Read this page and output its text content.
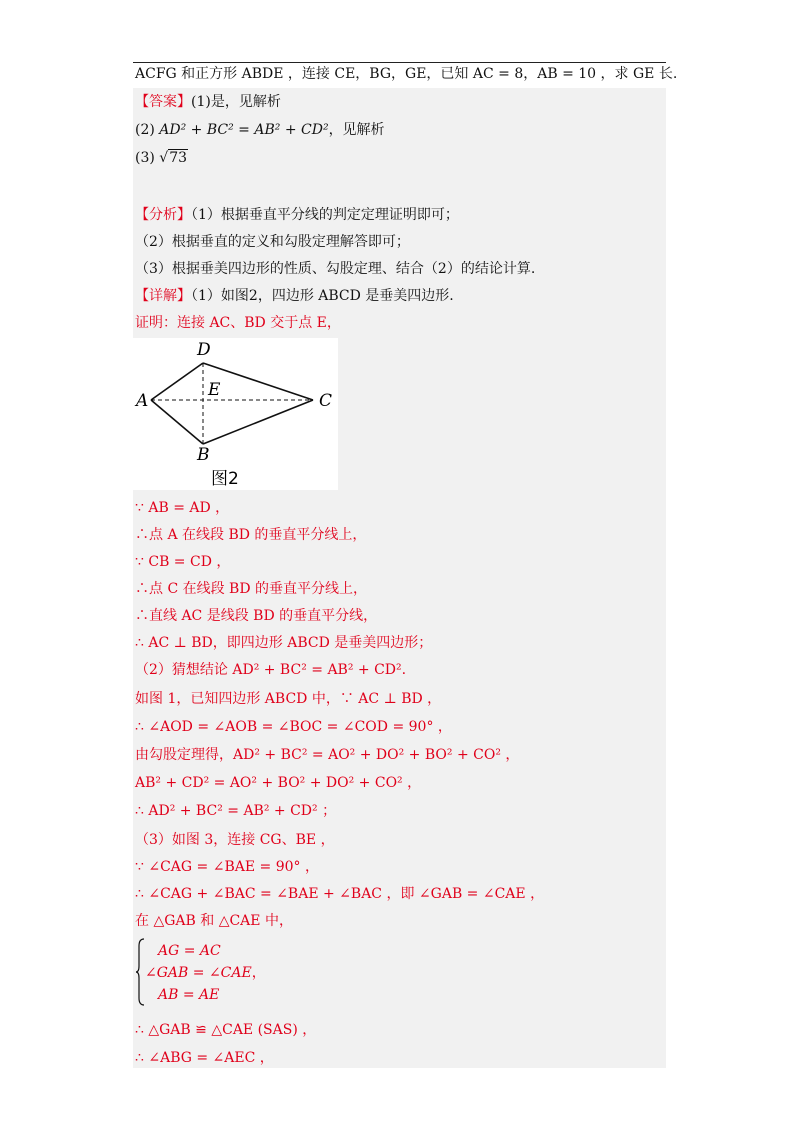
ACFG 和正方形 ABDE ，连接 CE，BG，GE，已知 AC = 8，AB = 10 ，求 GE 长.
【答案】(1)是，见解析
(2) AD² + BC² = AB² + CD²，见解析
(3) √73
【分析】（1）根据垂直平分线的判定定理证明即可；
（2）根据垂直的定义和勾股定理解答即可；
（3）根据垂美四边形的性质、勾股定理、结合（2）的结论计算.
【详解】（1）如图2，四边形 ABCD 是垂美四边形.
证明：连接 AC、BD 交于点 E，
A
D
C
B
E
图2
∵ AB = AD ，
∴点 A 在线段 BD 的垂直平分线上，
∵ CB = CD ，
∴点 C 在线段 BD 的垂直平分线上，
∴直线 AC 是线段 BD 的垂直平分线，
∴ AC ⊥ BD，即四边形 ABCD 是垂美四边形；
（2）猜想结论 AD² + BC² = AB² + CD².
如图 1，已知四边形 ABCD 中，∵ AC ⊥ BD ，
∴ ∠AOD = ∠AOB = ∠BOC = ∠COD = 90° ，
由勾股定理得，AD² + BC² = AO² + DO² + BO² + CO² ，
AB² + CD² = AO² + BO² + DO² + CO² ，
∴ AD² + BC² = AB² + CD² ；
（3）如图 3，连接 CG、BE ，
∵ ∠CAG = ∠BAE = 90° ，
∴ ∠CAG + ∠BAC = ∠BAE + ∠BAC ，即 ∠GAB = ∠CAE ，
在 △GAB 和 △CAE 中，
AG = AC
∠GAB = ∠CAE，
AB = AE
∴ △GAB ≌ △CAE (SAS) ，
∴ ∠ABG = ∠AEC ，
